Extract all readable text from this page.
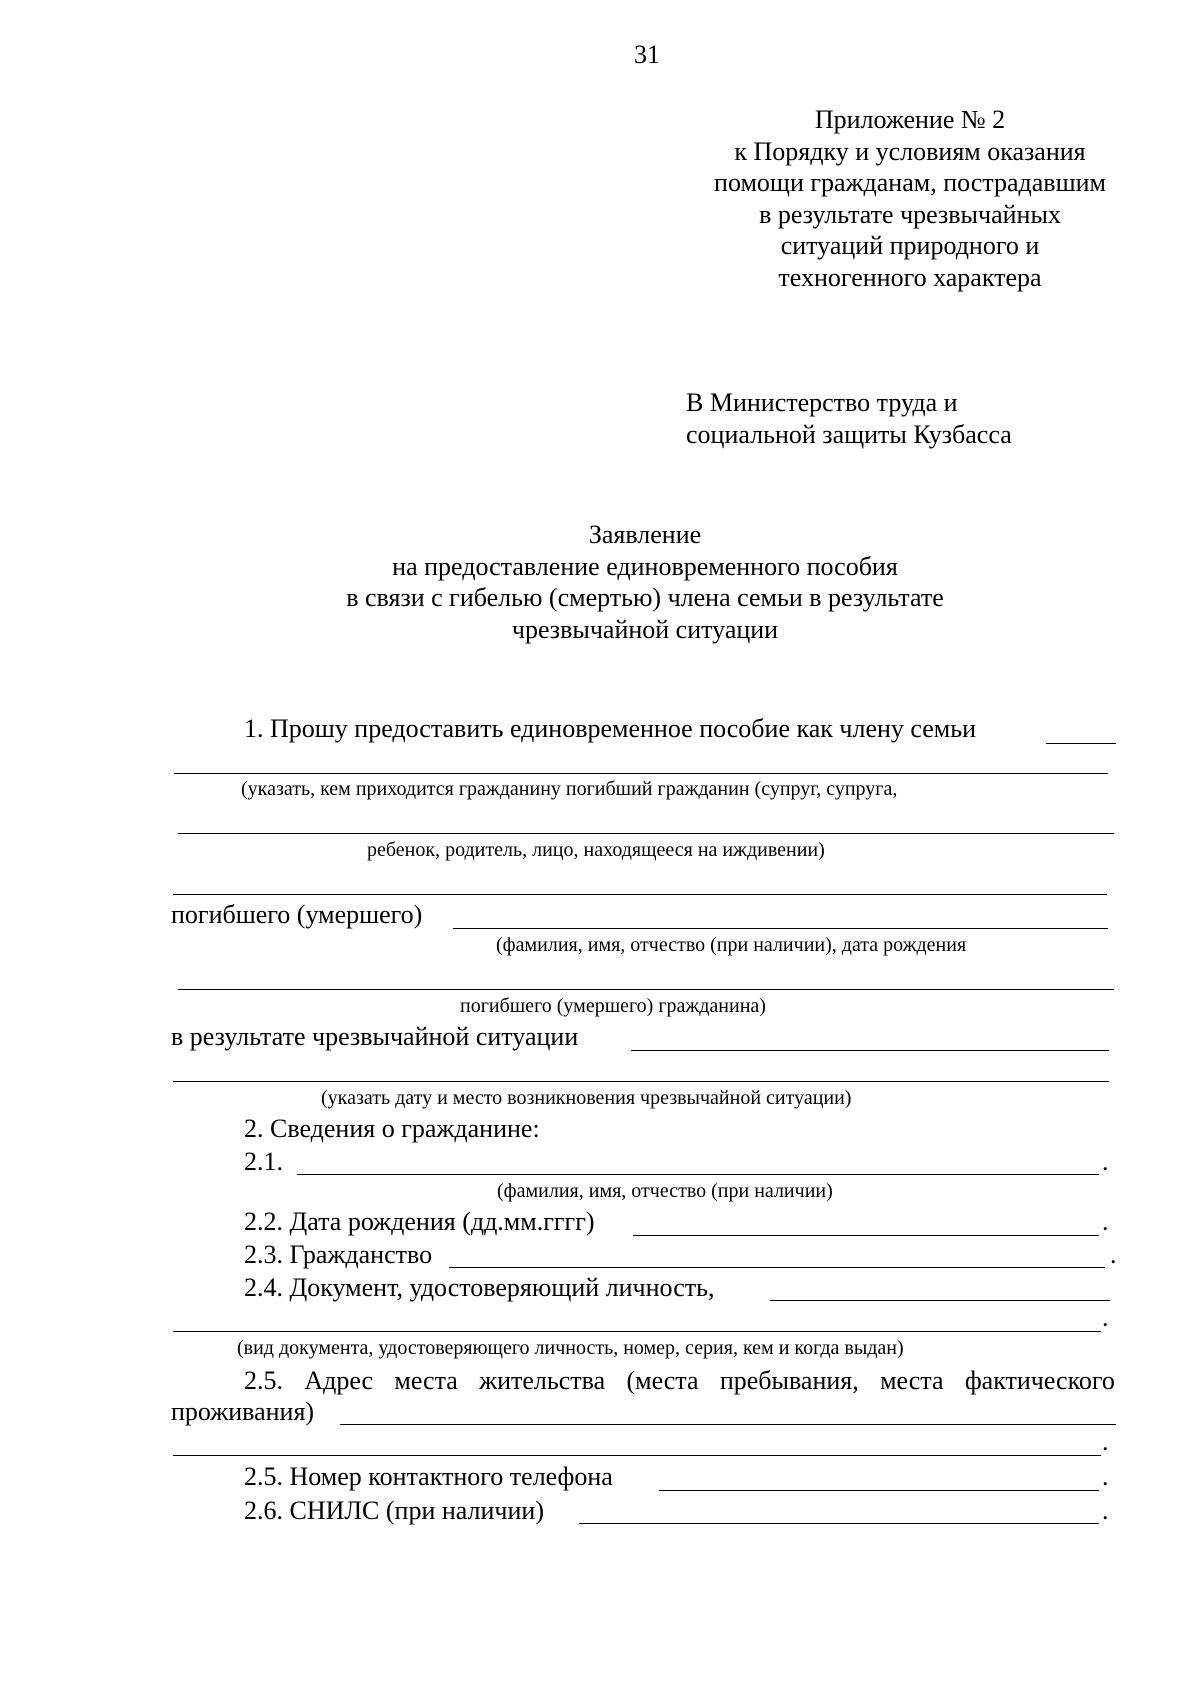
31
Приложение № 2
к Порядку и условиям оказания
помощи гражданам, пострадавшим
в результате чрезвычайных
ситуаций природного и
техногенного характера
В Министерство труда и
социальной защиты Кузбасса
Заявление
на предоставление единовременного пособия
в связи с гибелью (смертью) члена семьи в результате
чрезвычайной ситуации
1. Прошу предоставить единовременное пособие как члену семьи
(указать, кем приходится гражданину погибший гражданин (супруг, супруга,
ребенок, родитель, лицо, находящееся на иждивении)
погибшего (умершего)
(фамилия, имя, отчество (при наличии), дата рождения
погибшего (умершего) гражданина)
в результате чрезвычайной ситуации
(указать дату и место возникновения чрезвычайной ситуации)
2. Сведения о гражданине:
2.1.	.
(фамилия, имя, отчество (при наличии)
2.2. Дата рождения (дд.мм.гггг)	.
2.3. Гражданство	.
2.4. Документ, удостоверяющий личность,
.
(вид документа, удостоверяющего личность, номер, серия, кем и когда выдан)
2.5. Адрес места жительства (места пребывания, места фактического
проживания)
.
2.5. Номер контактного телефона	.
2.6. СНИЛС (при наличии)	.
